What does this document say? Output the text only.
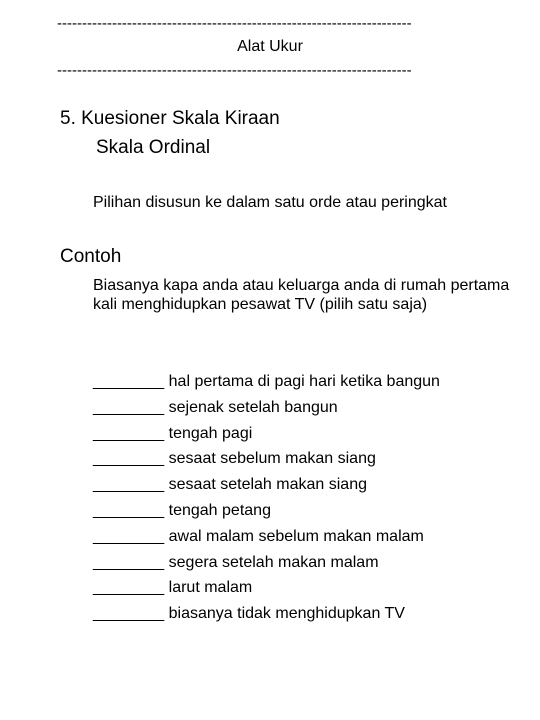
-----------------------------------------------------------------------
Alat Ukur
-----------------------------------------------------------------------
5. Kuesioner Skala Kiraan
Skala Ordinal
Pilihan disusun ke dalam satu orde atau peringkat
Contoh
Biasanya kapa anda atau keluarga anda di rumah pertama kali menghidupkan pesawat TV (pilih satu saja)
________ hal pertama di pagi hari ketika bangun
________ sejenak setelah bangun
________ tengah pagi
________ sesaat sebelum makan siang
________ sesaat setelah makan siang
________ tengah petang
________ awal malam sebelum makan malam
________ segera setelah makan malam
________ larut malam
________ biasanya tidak menghidupkan TV
